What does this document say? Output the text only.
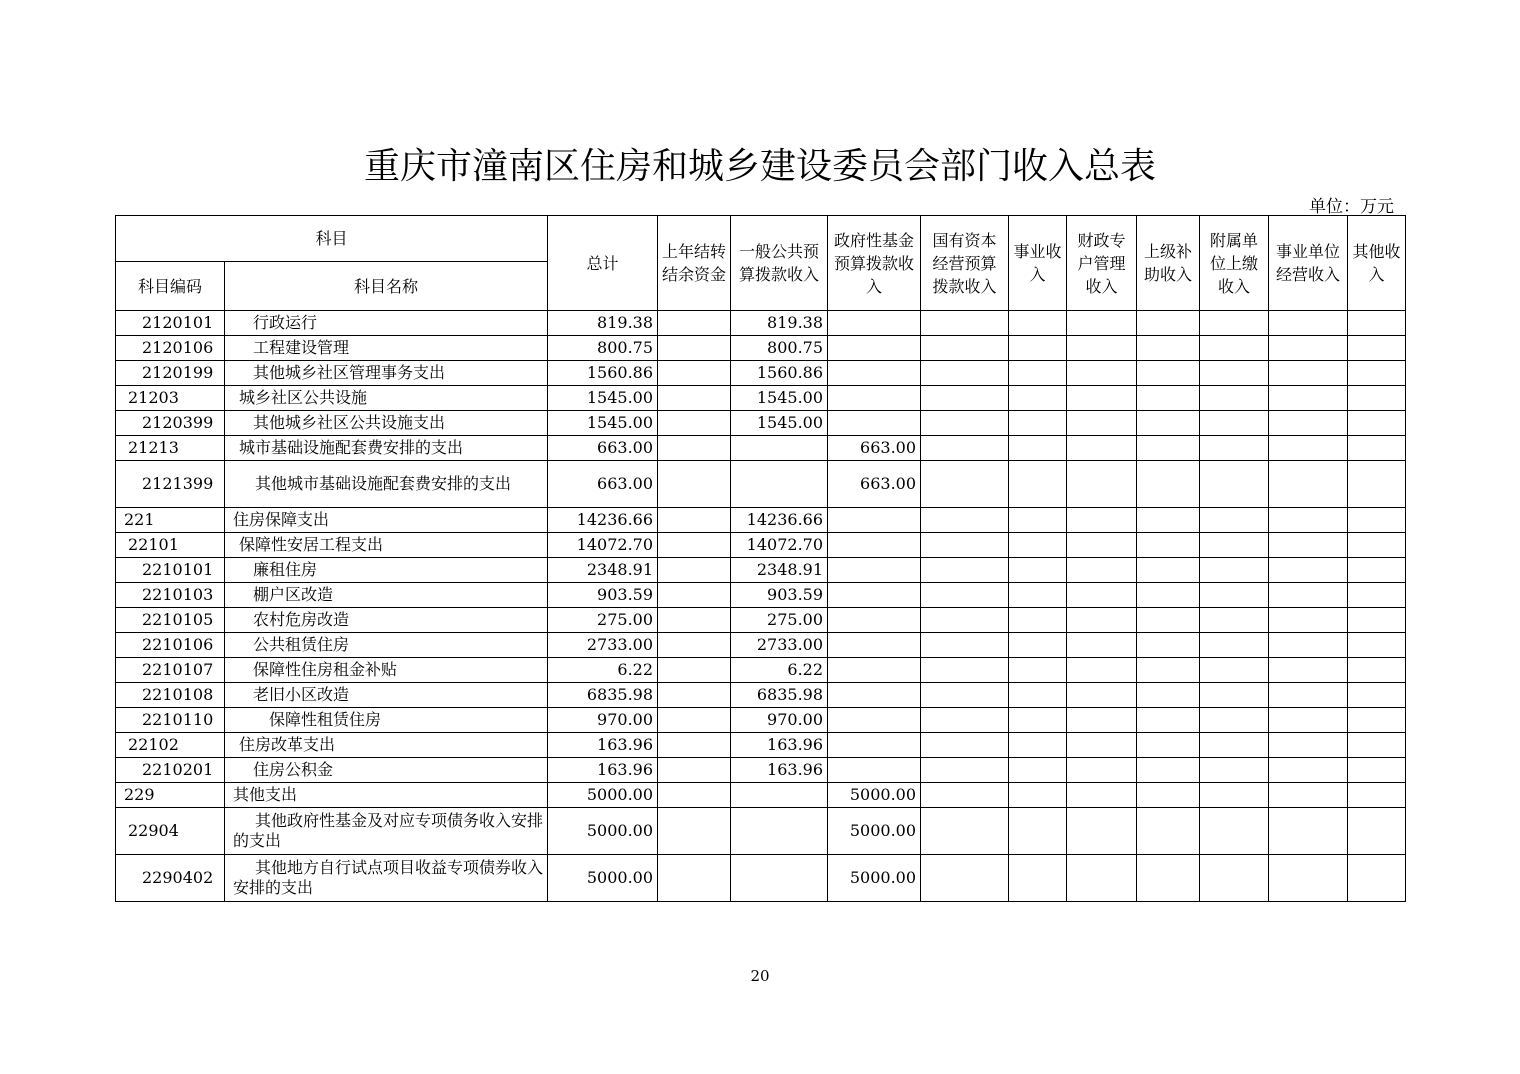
重庆市潼南区住房和城乡建设委员会部门收入总表
单位：万元
科目		总计	上年结转结余资金	一般公共预算拨款收入	政府性基金预算拨款收入	国有资本经营预算拨款收入	事业收入	财政专户管理收入	上级补助收入	附属单位上缴收入	事业单位经营收入	其他收入
科目编码	科目名称											
2120101	行政运行	819.38		819.38								
2120106	工程建设管理	800.75		800.75								
2120199	其他城乡社区管理事务支出	1560.86		1560.86								
21203	城乡社区公共设施	1545.00		1545.00								
2120399	其他城乡社区公共设施支出	1545.00		1545.00								
21213	城市基础设施配套费安排的支出	663.00			663.00							
2121399	其他城市基础设施配套费安排的支出	663.00			663.00							
221	住房保障支出	14236.66		14236.66								
22101	保障性安居工程支出	14072.70		14072.70								
2210101	廉租住房	2348.91		2348.91								
2210103	棚户区改造	903.59		903.59								
2210105	农村危房改造	275.00		275.00								
2210106	公共租赁住房	2733.00		2733.00								
2210107	保障性住房租金补贴	6.22		6.22								
2210108	老旧小区改造	6835.98		6835.98								
2210110	保障性租赁住房	970.00		970.00								
22102	住房改革支出	163.96		163.96								
2210201	住房公积金	163.96		163.96								
229	其他支出	5000.00			5000.00							
22904	其他政府性基金及对应专项债务收入安排的支出	5000.00			5000.00							
2290402	其他地方自行试点项目收益专项债券收入安排的支出	5000.00			5000.00							
20
